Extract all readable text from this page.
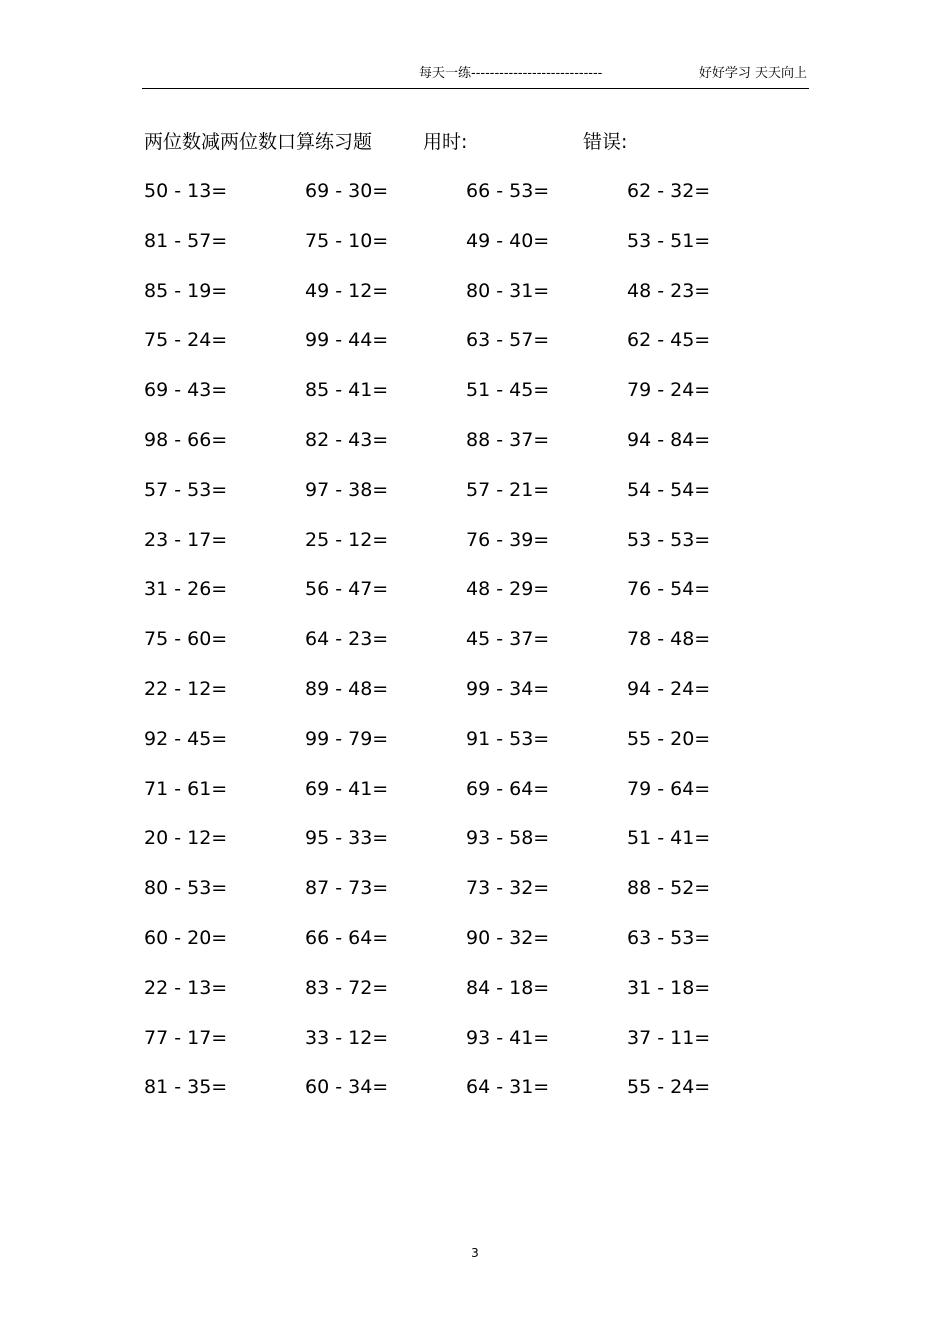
每天一练----------------------------	好好学习 天天向上
两位数减两位数口算练习题	用时:	错误:
50 - 13=	69 - 30=	66 - 53=	62 - 32=
81 - 57=	75 - 10=	49 - 40=	53 - 51=
85 - 19=	49 - 12=	80 - 31=	48 - 23=
75 - 24=	99 - 44=	63 - 57=	62 - 45=
69 - 43=	85 - 41=	51 - 45=	79 - 24=
98 - 66=	82 - 43=	88 - 37=	94 - 84=
57 - 53=	97 - 38=	57 - 21=	54 - 54=
23 - 17=	25 - 12=	76 - 39=	53 - 53=
31 - 26=	56 - 47=	48 - 29=	76 - 54=
75 - 60=	64 - 23=	45 - 37=	78 - 48=
22 - 12=	89 - 48=	99 - 34=	94 - 24=
92 - 45=	99 - 79=	91 - 53=	55 - 20=
71 - 61=	69 - 41=	69 - 64=	79 - 64=
20 - 12=	95 - 33=	93 - 58=	51 - 41=
80 - 53=	87 - 73=	73 - 32=	88 - 52=
60 - 20=	66 - 64=	90 - 32=	63 - 53=
22 - 13=	83 - 72=	84 - 18=	31 - 18=
77 - 17=	33 - 12=	93 - 41=	37 - 11=
81 - 35=	60 - 34=	64 - 31=	55 - 24=
3
